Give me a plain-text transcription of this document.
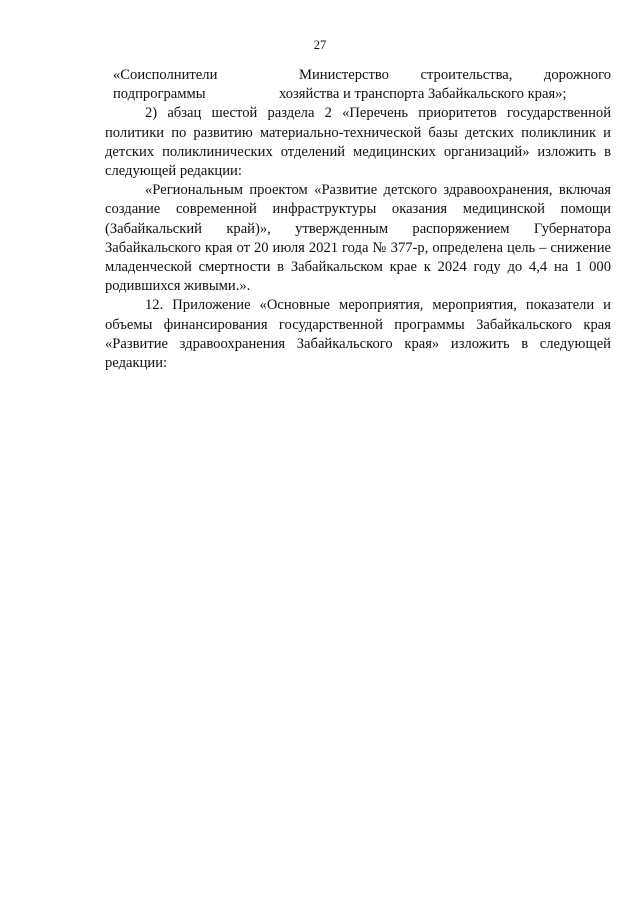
27
«Соисполнители
подпрограммы
Министерство строительства, дорожного
хозяйства и транспорта Забайкальского края»;

2) абзац шестой раздела 2 «Перечень приоритетов государственной политики по развитию материально-технической базы детских поликлиник и детских поликлинических отделений медицинских организаций» изложить в следующей редакции:

«Региональным проектом «Развитие детского здравоохранения, включая создание современной инфраструктуры оказания медицинской помощи (Забайкальский край)», утвержденным распоряжением Губернатора Забайкальского края от 20 июля 2021 года № 377-р, определена цель – снижение младенческой смертности в Забайкальском крае к 2024 году до 4,4 на 1 000 родившихся живыми.».

12. Приложение «Основные мероприятия, мероприятия, показатели и объемы финансирования государственной программы Забайкальского края «Развитие здравоохранения Забайкальского края» изложить в следующей редакции:
